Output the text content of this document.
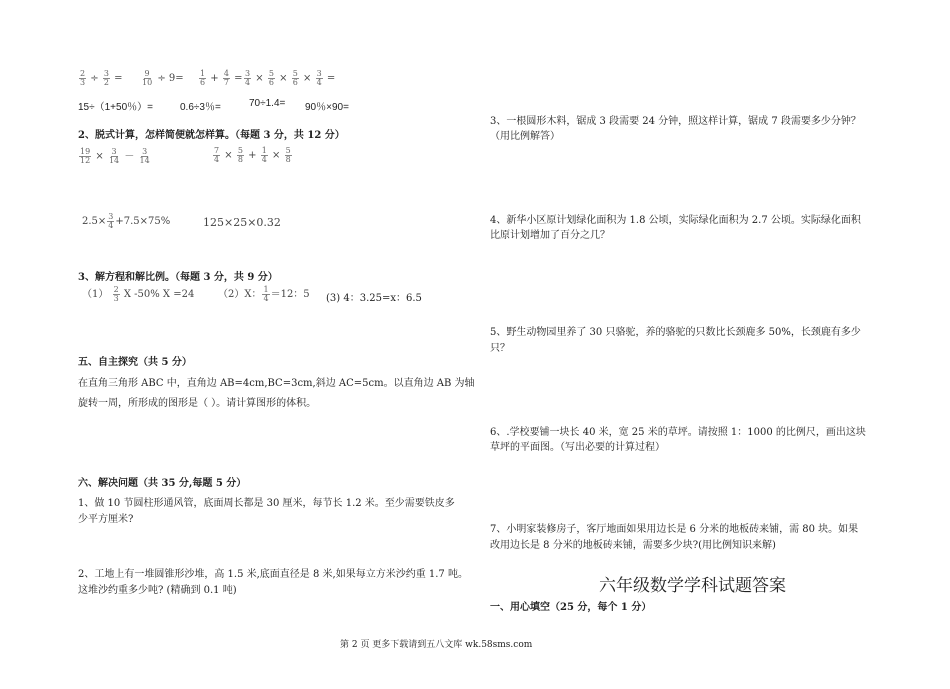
$\frac{2}{3} \div \frac{3}{2} = \frac{9}{10} \div 9= \frac{1}{6} + \frac{4}{7} = \frac{3}{4} \times \frac{5}{6} \times \frac{5}{6} \times \frac{3}{4}$ =
15÷（1+50％）=	0.6÷3％=	70÷1.4= 90％×90=
2、脱式计算，怎样简便就怎样算。（每题 3 分，共 12 分）
$\frac{19}{12} \times \frac{3}{14} - \frac{3}{14}$	$\frac{7}{4} \times \frac{5}{8} + \frac{1}{4} \times \frac{5}{8}$
$2.5\times \frac{3}{4} +7.5\times 75\%$	125×25×0.32
3、解方程和解比例。（每题 3 分，共 9 分）
$(1) \frac{2}{3}$ X -50% X =24 （2）X： $\frac{1}{4} =12$：5 (3) 4：3.25=x：6.5
五、自主探究（共 5 分）
在直角三角形 ABC 中，直角边 AB=4cm,BC=3cm,斜边 AC=5cm。以直角边 AB 为轴
旋转一周，所形成的图形是（ ）。请计算图形的体积。
六、解决问题（共 35 分,每题 5 分）
1、做 10 节圆柱形通风管，底面周长都是 30 厘米，每节长 1.2 米。至少需要铁皮多
少平方厘米?
2、工地上有一堆圆锥形沙堆，高 1.5 米,底面直径是 8 米,如果每立方米沙约重 1.7 吨。
这堆沙约重多少吨? (精确到 0.1 吨)
3、一根圆形木料，锯成 3 段需要 24 分钟，照这样计算，锯成 7 段需要多少分钟？
（用比例解答）
4、新华小区原计划绿化面积为 1.8 公顷，实际绿化面积为 2.7 公顷。实际绿化面积
比原计划增加了百分之几？
5、野生动物园里养了 30 只骆驼，养的骆驼的只数比长颈鹿多 50%，长颈鹿有多少
只？
6、.学校要铺一块长 40 米，宽 25 米的草坪。请按照 1：1000 的比例尺，画出这块
草坪的平面图。（写出必要的计算过程）
7、小明家装修房子，客厅地面如果用边长是 6 分米的地板砖来铺，需 80 块。如果
改用边长是 8 分米的地板砖来铺，需要多少块?(用比例知识来解)
六年级数学学科试题答案
一、用心填空（25 分，每个 1 分）
第 2 页 更多下载请到五八文库 wk.58sms.com
